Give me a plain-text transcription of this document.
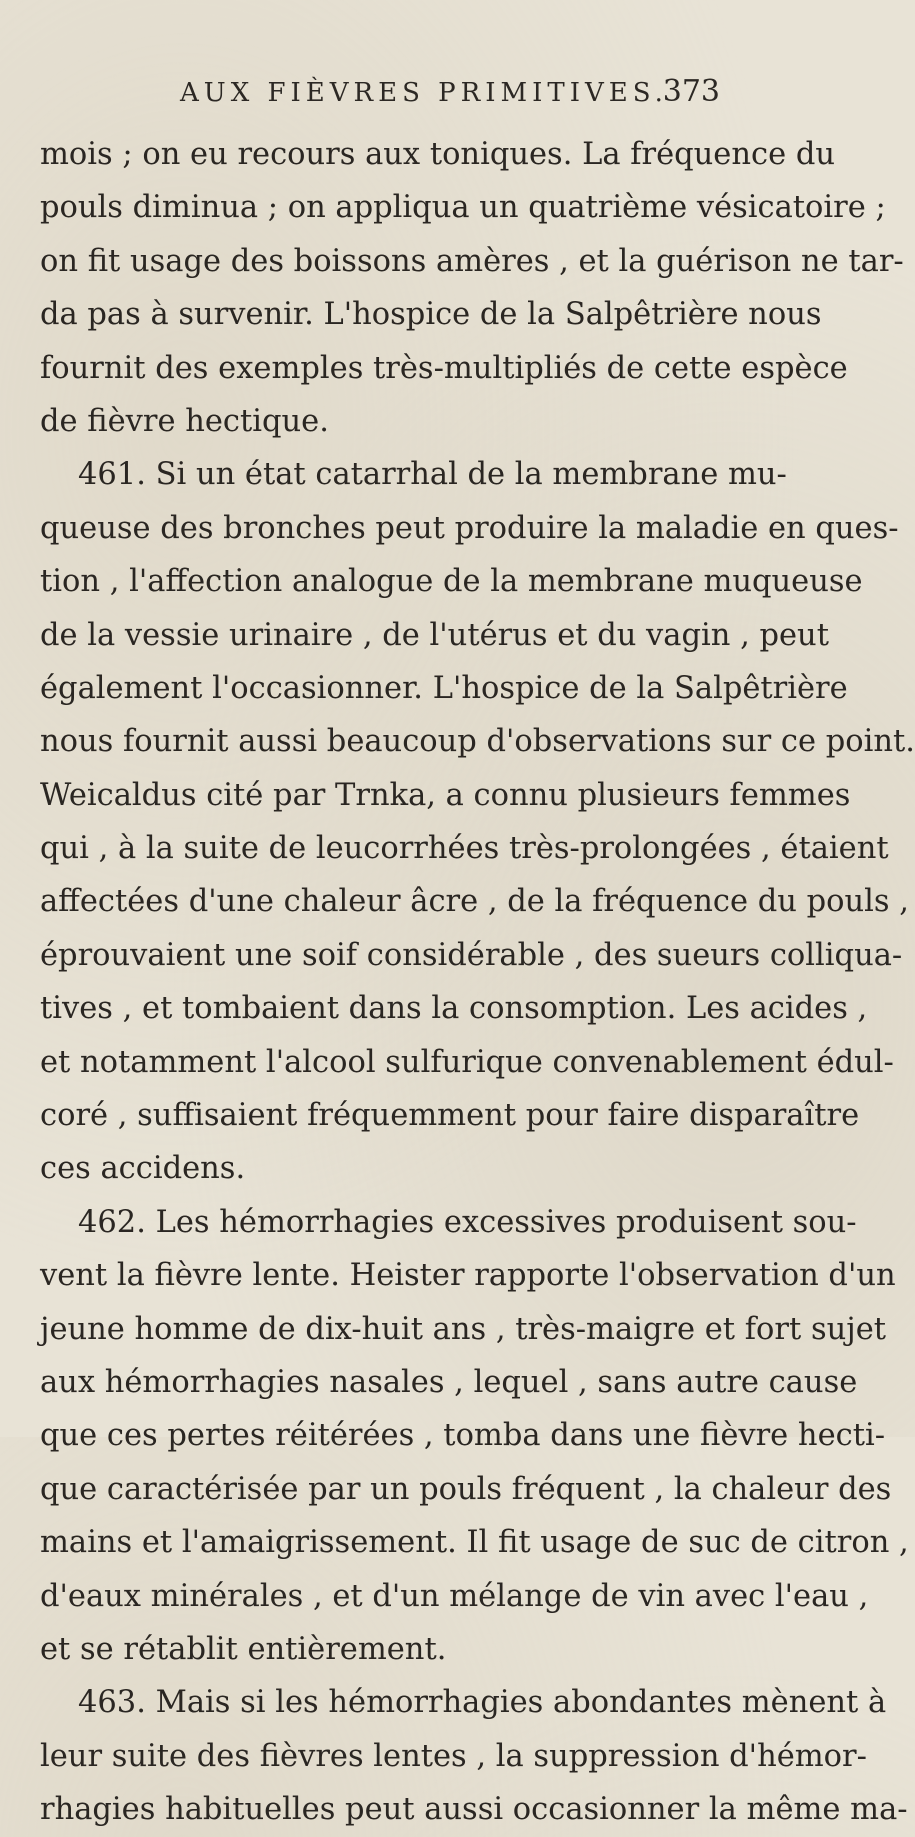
AUX FIÈVRES PRIMITIVES.
373
mois ; on eu recours aux toniques. La fréquence du
pouls diminua ; on appliqua un quatrième vésicatoire ;
on fit usage des boissons amères , et la guérison ne tar-
da pas à survenir. L'hospice de la Salpêtrière nous
fournit des exemples très-multipliés de cette espèce
de fièvre hectique.
461. Si un état catarrhal de la membrane mu-
queuse des bronches peut produire la maladie en ques-
tion , l'affection analogue de la membrane muqueuse
de la vessie urinaire , de l'utérus et du vagin , peut
également l'occasionner. L'hospice de la Salpêtrière
nous fournit aussi beaucoup d'observations sur ce point.
Weicaldus cité par Trnka, a connu plusieurs femmes
qui , à la suite de leucorrhées très-prolongées , étaient
affectées d'une chaleur âcre , de la fréquence du pouls ,
éprouvaient une soif considérable , des sueurs colliqua-
tives , et tombaient dans la consomption. Les acides ,
et notamment l'alcool sulfurique convenablement édul-
coré , suffisaient fréquemment pour faire disparaître
ces accidens.
462. Les hémorrhagies excessives produisent sou-
vent la fièvre lente. Heister rapporte l'observation d'un
jeune homme de dix-huit ans , très-maigre et fort sujet
aux hémorrhagies nasales , lequel , sans autre cause
que ces pertes réitérées , tomba dans une fièvre hecti-
que caractérisée par un pouls fréquent , la chaleur des
mains et l'amaigrissement. Il fit usage de suc de citron ,
d'eaux minérales , et d'un mélange de vin avec l'eau ,
et se rétablit entièrement.
463. Mais si les hémorrhagies abondantes mènent à
leur suite des fièvres lentes , la suppression d'hémor-
rhagies habituelles peut aussi occasionner la même ma-
